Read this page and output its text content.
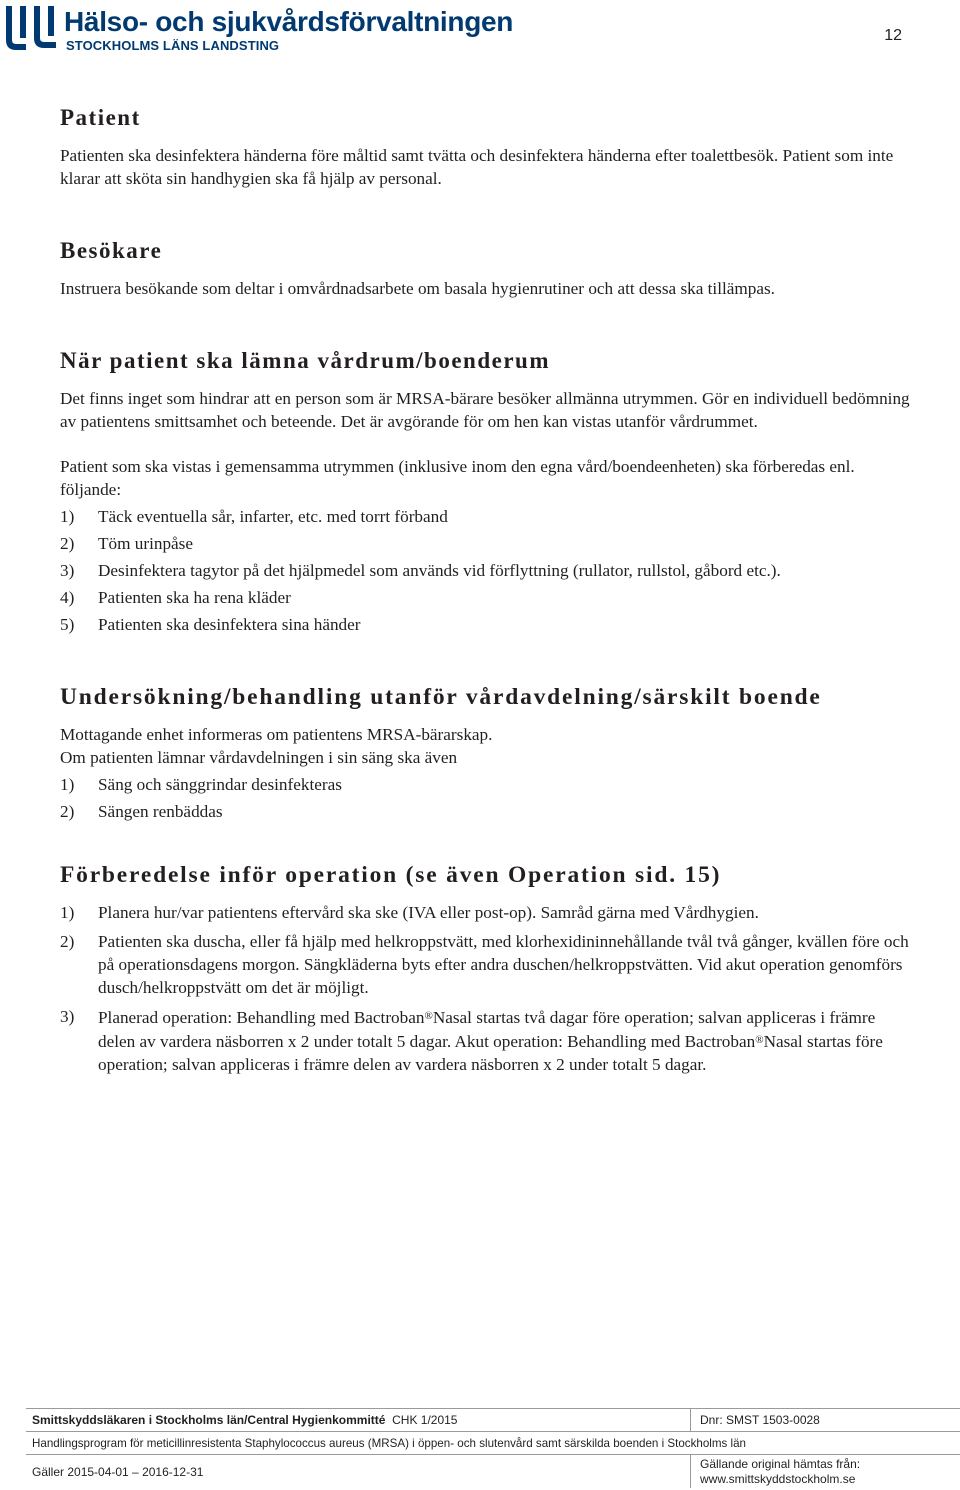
Hälso- och sjukvårdsförvaltningen
STOCKHOLMS LÄNS LANDSTING
12
Patient

Patienten ska desinfektera händerna före måltid samt tvätta och desinfektera händerna efter toalettbesök. Patient som inte klarar att sköta sin handhygien ska få hjälp av personal.

Besökare

Instruera besökande som deltar i omvårdnadsarbete om basala hygienrutiner och att dessa ska tillämpas.

När patient ska lämna vårdrum/boenderum

Det finns inget som hindrar att en person som är MRSA-bärare besöker allmänna utrymmen. Gör en individuell bedömning av patientens smittsamhet och beteende. Det är avgörande för om hen kan vistas utanför vårdrummet.

Patient som ska vistas i gemensamma utrymmen (inklusive inom den egna vård/boendeenheten) ska förberedas enl. följande:

1) Täck eventuella sår, infarter, etc. med torrt förband
2) Töm urinpåse
3) Desinfektera tagytor på det hjälpmedel som används vid förflyttning (rullator, rullstol, gåbord etc.).
4) Patienten ska ha rena kläder
5) Patienten ska desinfektera sina händer
Undersökning/behandling utanför vårdavdelning/särskilt boende

Mottagande enhet informeras om patientens MRSA-bärarskap.

Om patienten lämnar vårdavdelningen i sin säng ska även

1) Säng och sänggrindar desinfekteras
2) Sängen renbäddas
Förberedelse inför operation (se även Operation sid. 15)
1) Planera hur/var patientens eftervård ska ske (IVA eller post-op). Samråd gärna med Vårdhygien.
2) Patienten ska duscha, eller få hjälp med helkroppstvätt, med klorhexidininnehållande tvål två gånger, kvällen före och på operationsdagens morgon. Sängkläderna byts efter andra duschen/helkroppstvätten. Vid akut operation genomförs dusch/helkroppstvätt om det är möjligt.
3) Planerad operation: Behandling med Bactroban®Nasal startas två dagar före operation; salvan appliceras i främre delen av vardera näsborren x 2 under totalt 5 dagar. Akut operation: Behandling med Bactroban®Nasal startas före operation; salvan appliceras i främre delen av vardera näsborren x 2 under totalt 5 dagar.
Smittskyddsläkaren i Stockholms län/Central Hygienkommitté
CHK 1/2015	Dnr: SMST 1503-0028
Handlingsprogram för meticillinresistenta Staphylococcus aureus (MRSA) i öppen- och slutenvård samt särskilda boenden i Stockholms län
Gäller 2015-04-01 – 2016-12-31
Gällande original hämtas från:
www.smittskyddstockholm.se
